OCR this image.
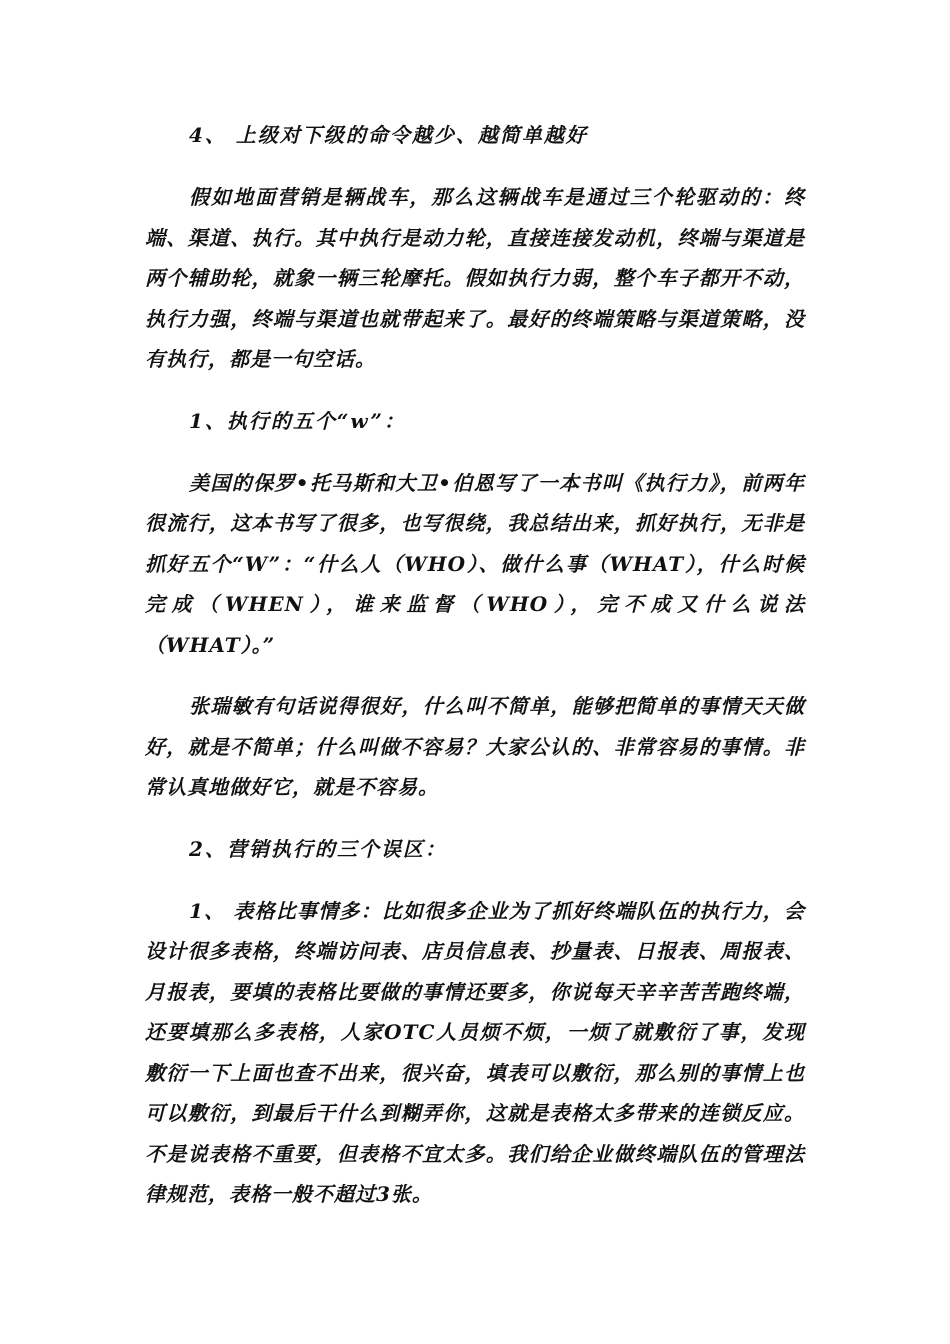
4、 上级对下级的命令越少、越简单越好

假如地面营销是辆战车，那么这辆战车是通过三个轮驱动的：终端、渠道、执行。其中执行是动力轮，直接连接发动机，终端与渠道是两个辅助轮，就象一辆三轮摩托。假如执行力弱，整个车子都开不动，执行力强，终端与渠道也就带起来了。最好的终端策略与渠道策略，没有执行，都是一句空话。

1、执行的五个“w”：

美国的保罗•托马斯和大卫•伯恩写了一本书叫《执行力》，前两年很流行，这本书写了很多，也写很绕，我总结出来，抓好执行，无非是抓好五个“W”：“什么人（WHO）、做什么事（WHAT），什么时候完成（WHEN），谁来监督（WHO），完不成又什么说法（WHAT）。”

张瑞敏有句话说得很好，什么叫不简单，能够把简单的事情天天做好，就是不简单；什么叫做不容易？大家公认的、非常容易的事情。非常认真地做好它，就是不容易。

2、营销执行的三个误区：

1、 表格比事情多：比如很多企业为了抓好终端队伍的执行力，会设计很多表格，终端访问表、店员信息表、抄量表、日报表、周报表、月报表，要填的表格比要做的事情还要多，你说每天辛辛苦苦跑终端，还要填那么多表格，人家OTC人员烦不烦，一烦了就敷衍了事，发现敷衍一下上面也查不出来，很兴奋，填表可以敷衍，那么别的事情上也可以敷衍，到最后干什么到糊弄你，这就是表格太多带来的连锁反应。不是说表格不重要，但表格不宜太多。我们给企业做终端队伍的管理法律规范，表格一般不超过3张。
